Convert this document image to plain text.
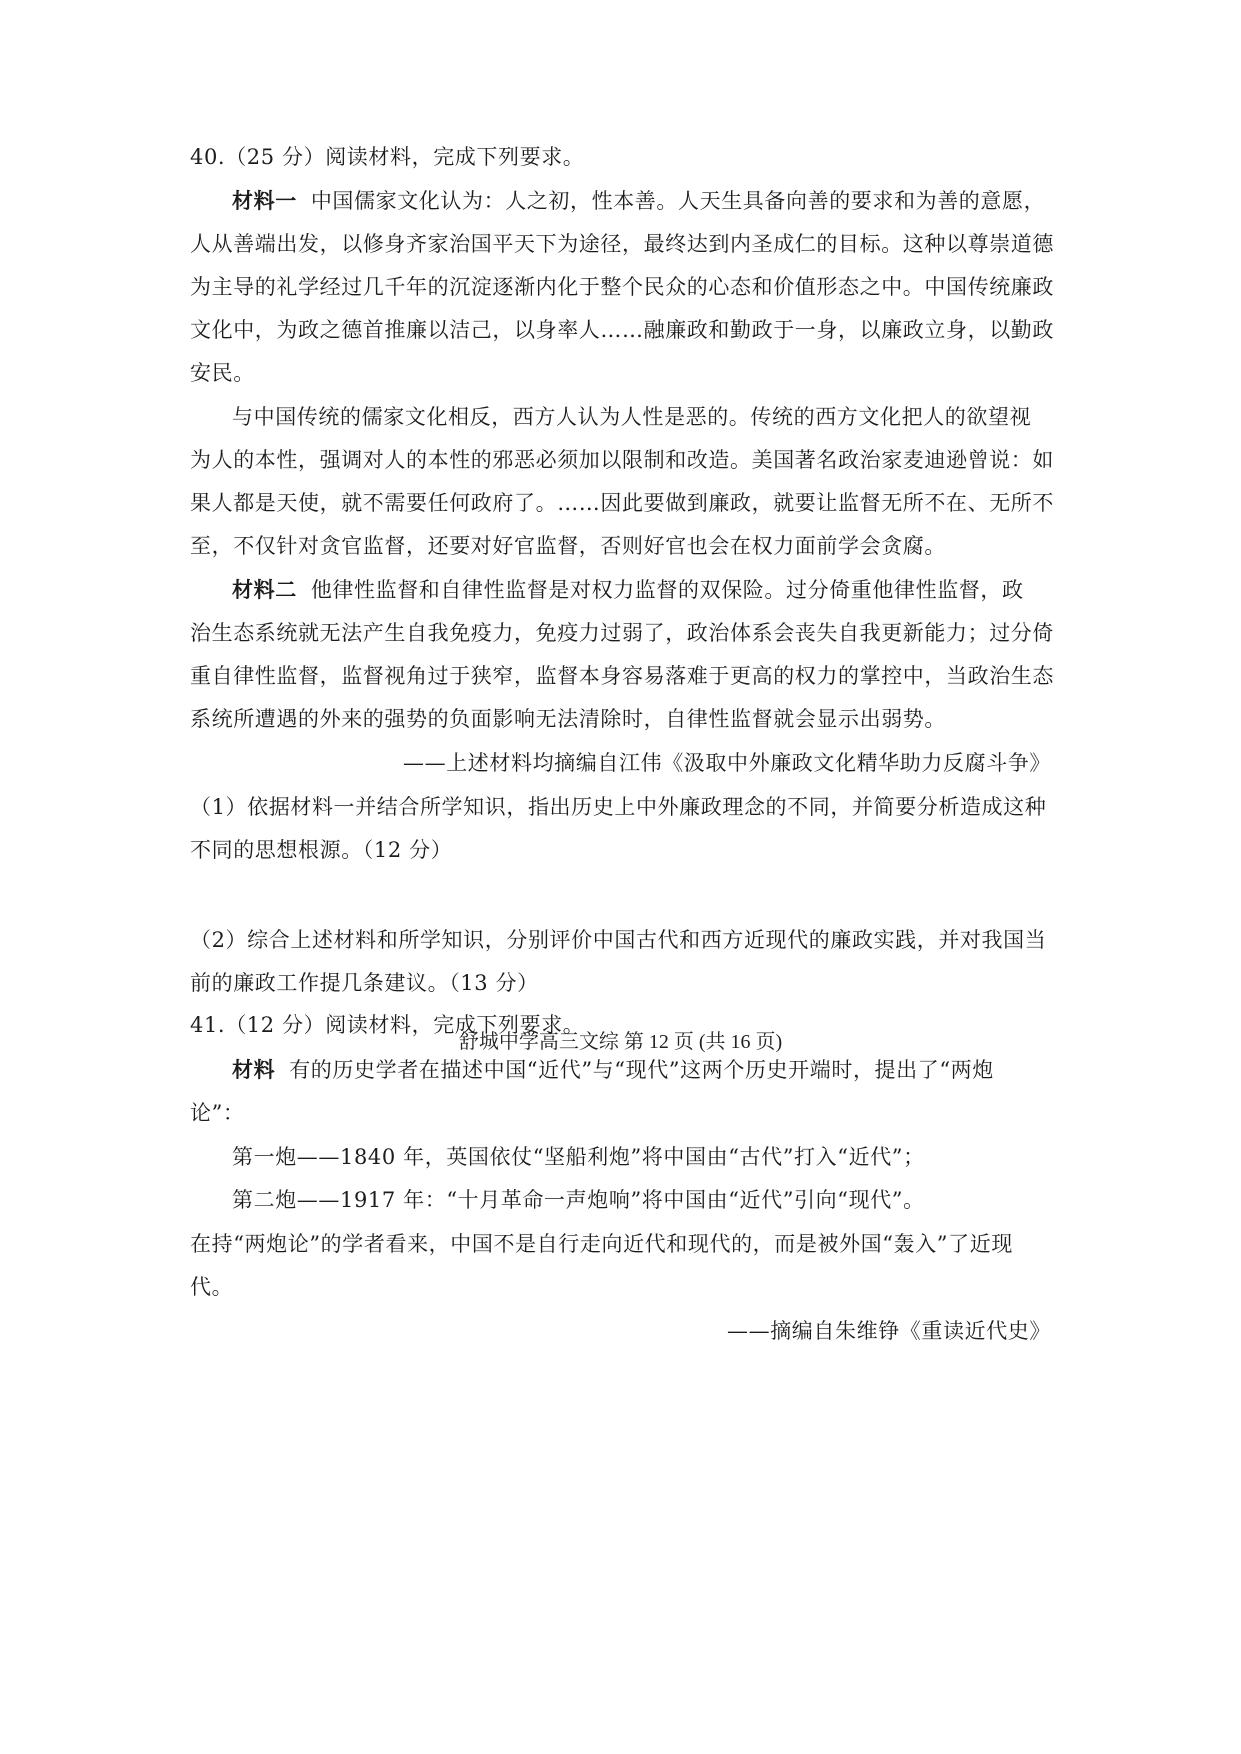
40.（25 分）阅读材料，完成下列要求。
材料一 中国儒家文化认为：人之初，性本善。人天生具备向善的要求和为善的意愿，
人从善端出发，以修身齐家治国平天下为途径，最终达到内圣成仁的目标。这种以尊崇道德
为主导的礼学经过几千年的沉淀逐渐内化于整个民众的心态和价值形态之中。中国传统廉政
文化中，为政之德首推廉以洁己，以身率人……融廉政和勤政于一身，以廉政立身，以勤政
安民。
与中国传统的儒家文化相反，西方人认为人性是恶的。传统的西方文化把人的欲望视
为人的本性，强调对人的本性的邪恶必须加以限制和改造。美国著名政治家麦迪逊曾说：如
果人都是天使，就不需要任何政府了。……因此要做到廉政，就要让监督无所不在、无所不
至，不仅针对贪官监督，还要对好官监督，否则好官也会在权力面前学会贪腐。
材料二 他律性监督和自律性监督是对权力监督的双保险。过分倚重他律性监督，政
治生态系统就无法产生自我免疫力，免疫力过弱了，政治体系会丧失自我更新能力；过分倚
重自律性监督，监督视角过于狭窄，监督本身容易落难于更高的权力的掌控中，当政治生态
系统所遭遇的外来的强势的负面影响无法清除时，自律性监督就会显示出弱势。
——上述材料均摘编自江伟《汲取中外廉政文化精华助力反腐斗争》
（1）依据材料一并结合所学知识，指出历史上中外廉政理念的不同，并简要分析造成这种
不同的思想根源。（12 分）
（2）综合上述材料和所学知识，分别评价中国古代和西方近现代的廉政实践，并对我国当
前的廉政工作提几条建议。（13 分）
41.（12 分）阅读材料，完成下列要求。
舒城中学高三文综 第 12 页 (共 16 页)
材料 有的历史学者在描述中国“近代”与“现代”这两个历史开端时，提出了“两炮
论”：
第一炮——1840 年，英国依仗“坚船利炮”将中国由“古代”打入“近代”；
第二炮——1917 年：“十月革命一声炮响”将中国由“近代”引向“现代”。
在持“两炮论”的学者看来，中国不是自行走向近代和现代的，而是被外国“轰入”了近现
代。
——摘编自朱维铮《重读近代史》
